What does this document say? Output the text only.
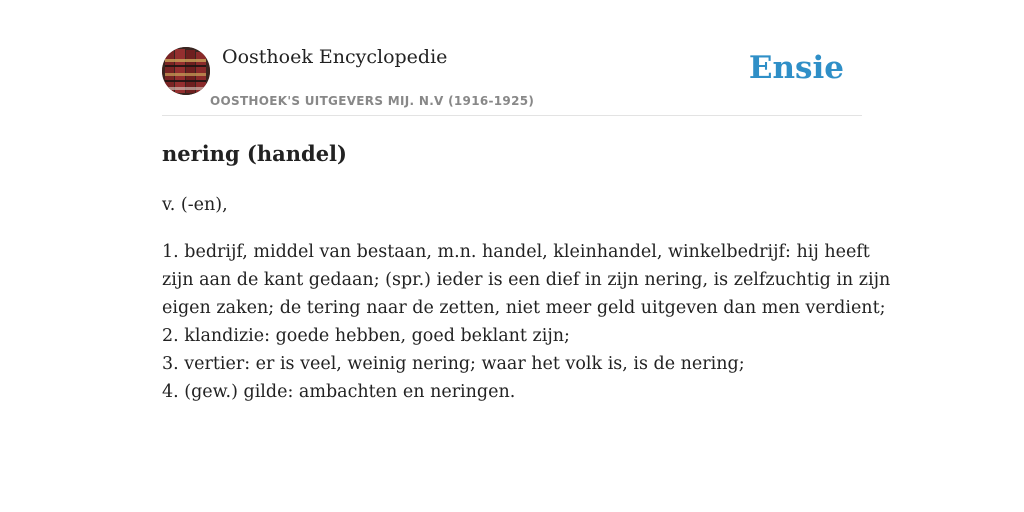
Oosthoek Encyclopedie
OOSTHOEK'S UITGEVERS MIJ. N.V (1916-1925)
Ensie
nering (handel)
v. (-en),
1. bedrijf, middel van bestaan, m.n. handel, kleinhandel, winkelbedrijf: hij heeft
zijn aan de kant gedaan; (spr.) ieder is een dief in zijn nering, is zelfzuchtig in zijn
eigen zaken; de tering naar de zetten, niet meer geld uitgeven dan men verdient;
2. klandizie: goede hebben, goed beklant zijn;
3. vertier: er is veel, weinig nering; waar het volk is, is de nering;
4. (gew.) gilde: ambachten en neringen.
